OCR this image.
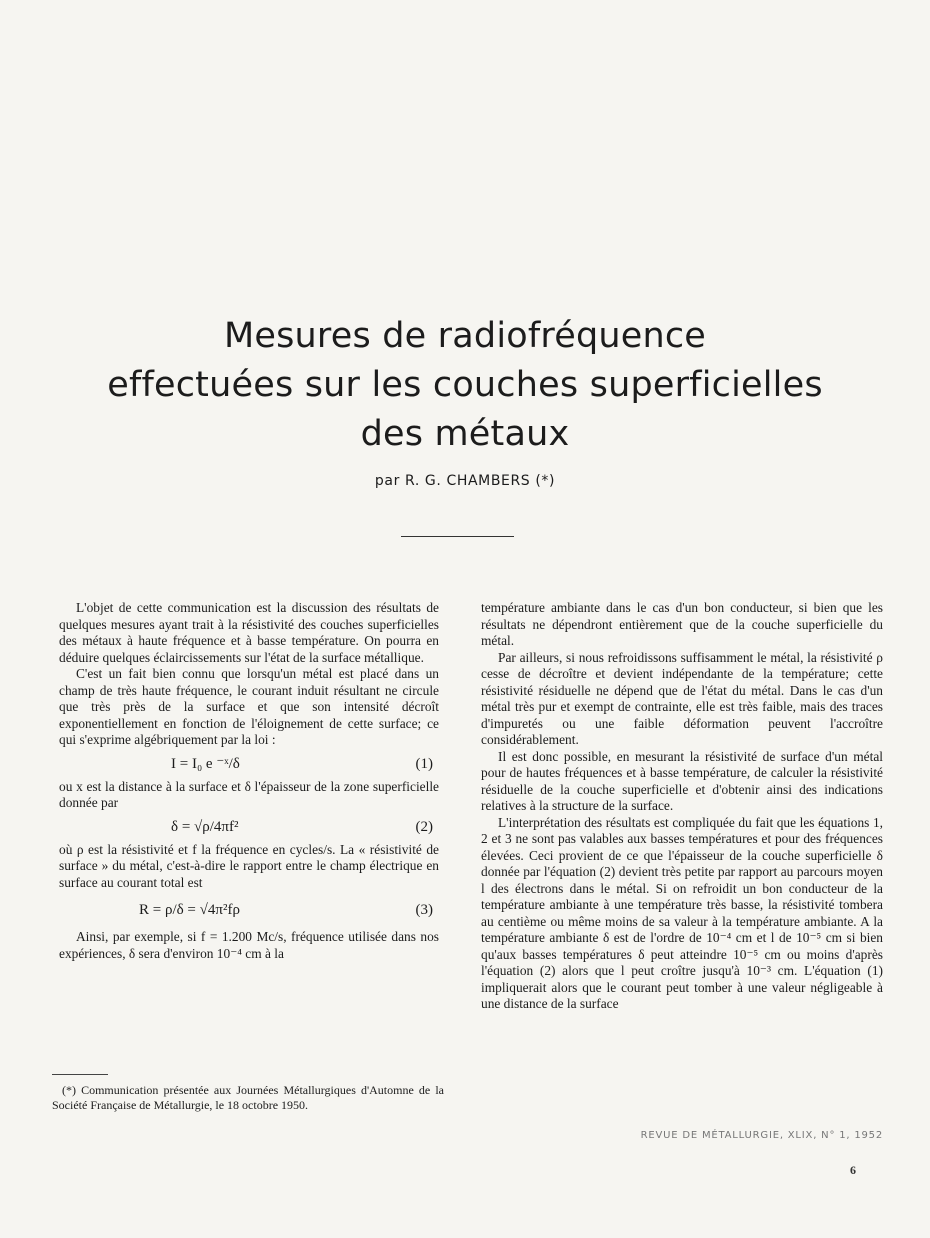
Mesures de radiofréquence
effectuées sur les couches superficielles
des métaux
par R. G. CHAMBERS (*)

L'objet de cette communication est la discussion des résultats de quelques mesures ayant trait à la résistivité des couches superficielles des métaux à haute fréquence et à basse température. On pourra en déduire quelques éclaircissements sur l'état de la surface métallique.

C'est un fait bien connu que lorsqu'un métal est placé dans un champ de très haute fréquence, le courant induit résultant ne circule que très près de la surface et que son intensité décroît exponentiellement en fonction de l'éloignement de cette surface; ce qui s'exprime algébriquement par la loi :

I = I₀ e ⁻ˣ/δ	(1)

ou x est la distance à la surface et δ l'épaisseur de la zone superficielle donnée par

δ = √ρ/4πf²	(2)

où ρ est la résistivité et f la fréquence en cycles/s. La « résistivité de surface » du métal, c'est-à-dire le rapport entre le champ électrique en surface au courant total est

R = ρ/δ = √4π²fρ	(3)

Ainsi, par exemple, si f = 1.200 Mc/s, fréquence utilisée dans nos expériences, δ sera d'environ 10⁻⁴ cm à la

(*) Communication présentée aux Journées Métallurgiques d'Automne de la Société Française de Métallurgie, le 18 octobre 1950.

température ambiante dans le cas d'un bon conducteur, si bien que les résultats ne dépendront entièrement que de la couche superficielle du métal.

Par ailleurs, si nous refroidissons suffisamment le métal, la résistivité ρ cesse de décroître et devient indépendante de la température; cette résistivité résiduelle ne dépend que de l'état du métal. Dans le cas d'un métal très pur et exempt de contrainte, elle est très faible, mais des traces d'impuretés ou une faible déformation peuvent l'accroître considérablement.

Il est donc possible, en mesurant la résistivité de surface d'un métal pour de hautes fréquences et à basse température, de calculer la résistivité résiduelle de la couche superficielle et d'obtenir ainsi des indications relatives à la structure de la surface.

L'interprétation des résultats est compliquée du fait que les équations 1, 2 et 3 ne sont pas valables aux basses températures et pour des fréquences élevées. Ceci provient de ce que l'épaisseur de la couche superficielle δ donnée par l'équation (2) devient très petite par rapport au parcours moyen l des électrons dans le métal. Si on refroidit un bon conducteur de la température ambiante à une température très basse, la résistivité tombera au centième ou même moins de sa valeur à la température ambiante. A la température ambiante δ est de l'ordre de 10⁻⁴ cm et l de 10⁻⁵ cm si bien qu'aux basses températures δ peut atteindre 10⁻⁵ cm ou moins d'après l'équation (2) alors que l peut croître jusqu'à 10⁻³ cm. L'équation (1) impliquerait alors que le courant peut tomber à une valeur négligeable à une distance de la surface

REVUE DE MÉTALLURGIE, XLIX, N° 1, 1952
6
